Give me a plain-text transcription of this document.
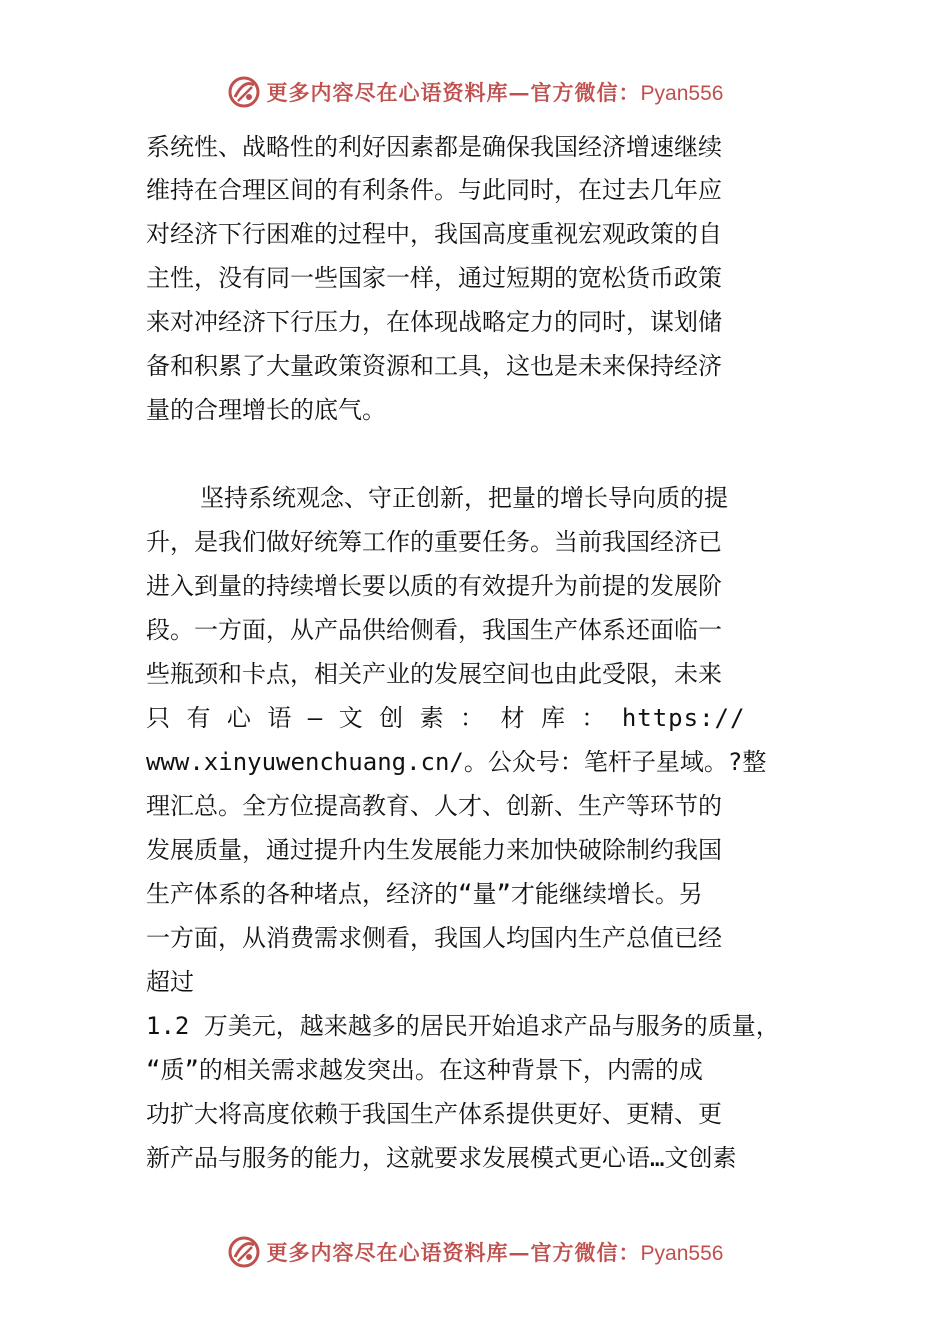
更多内容尽在心语资料库—官方微信：Pyan556
系统性、战略性的利好因素都是确保我国经济增速继续
维持在合理区间的有利条件。与此同时，在过去几年应
对经济下行困难的过程中，我国高度重视宏观政策的自
主性，没有同一些国家一样，通过短期的宽松货币政策
来对冲经济下行压力，在体现战略定力的同时，谋划储
备和积累了大量政策资源和工具，这也是未来保持经济
量的合理增长的底气。
坚持系统观念、守正创新，把量的增长导向质的提
升，是我们做好统筹工作的重要任务。当前我国经济已
进入到量的持续增长要以质的有效提升为前提的发展阶
段。一方面，从产品供给侧看，我国生产体系还面临一
些瓶颈和卡点，相关产业的发展空间也由此受限，未来
只 有 心 语 — 文 创 素 ： 材 库 ： https://
www.xinyuwenchuang.cn/。公众号：笔杆子星域。?整
理汇总。全方位提高教育、人才、创新、生产等环节的
发展质量，通过提升内生发展能力来加快破除制约我国
生产体系的各种堵点，经济的“量”才能继续增长。另
一方面，从消费需求侧看，我国人均国内生产总值已经
超过
1.2 万美元，越来越多的居民开始追求产品与服务的质量，
“质”的相关需求越发突出。在这种背景下，内需的成
功扩大将高度依赖于我国生产体系提供更好、更精、更
新产品与服务的能力，这就要求发展模式更心语…文创素
更多内容尽在心语资料库—官方微信：Pyan556
